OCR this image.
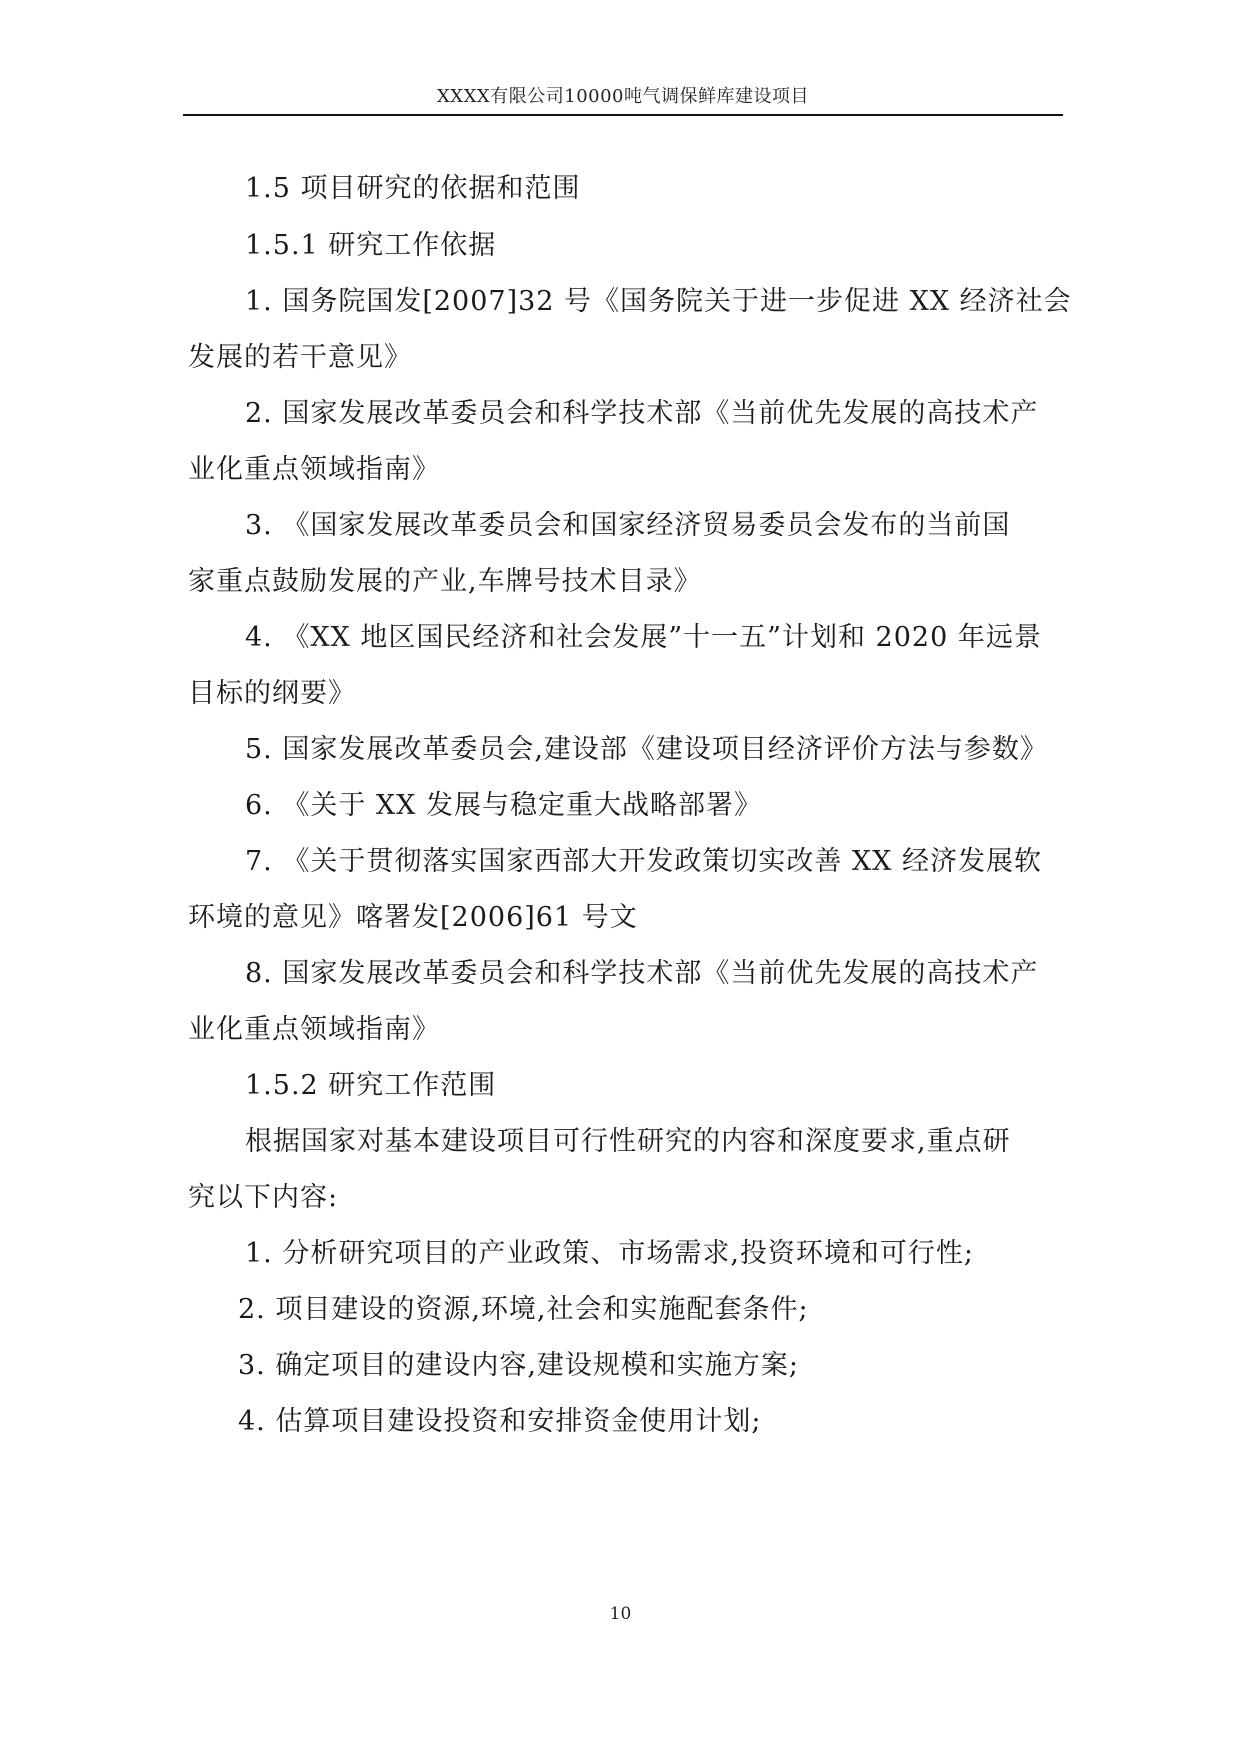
XXXX有限公司10000吨气调保鲜库建设项目
1.5 项目研究的依据和范围
1.5.1 研究工作依据
1. 国务院国发[2007]32 号《国务院关于进一步促进 XX 经济社会
发展的若干意见》
2. 国家发展改革委员会和科学技术部《当前优先发展的高技术产
业化重点领域指南》
3. 《国家发展改革委员会和国家经济贸易委员会发布的当前国
家重点鼓励发展的产业,车牌号技术目录》
4. 《XX 地区国民经济和社会发展”十一五”计划和 2020 年远景
目标的纲要》
5. 国家发展改革委员会,建设部《建设项目经济评价方法与参数》
6. 《关于 XX 发展与稳定重大战略部署》
7. 《关于贯彻落实国家西部大开发政策切实改善 XX 经济发展软
环境的意见》喀署发[2006]61 号文
8. 国家发展改革委员会和科学技术部《当前优先发展的高技术产
业化重点领域指南》
1.5.2 研究工作范围
根据国家对基本建设项目可行性研究的内容和深度要求,重点研
究以下内容:
1. 分析研究项目的产业政策、市场需求,投资环境和可行性;
2. 项目建设的资源,环境,社会和实施配套条件;
3. 确定项目的建设内容,建设规模和实施方案;
4. 估算项目建设投资和安排资金使用计划;
10
